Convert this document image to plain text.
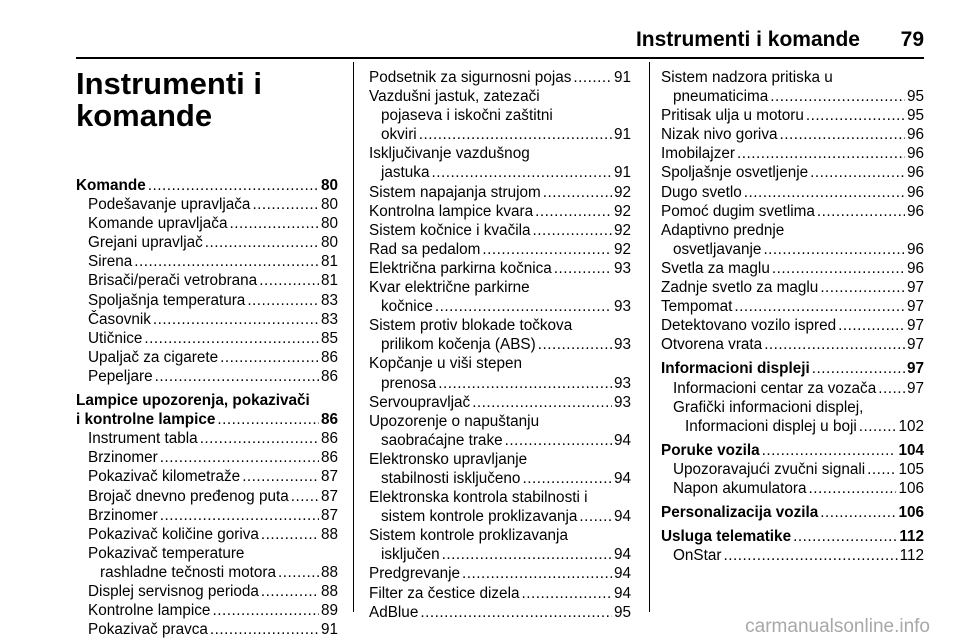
Instrumenti i komande 79
Instrumenti i
komande
Komande .....	80
Podešavanje upravljača .....	80
Komande upravljača .....	80
Grejani upravljač .....	80
Sirena .....	81
Brisači/perači vetrobrana .....	81
Spoljašnja temperatura .....	83
Časovnik .....	83
Utičnice .....	85
Upaljač za cigarete .....	86
Pepeljare .....	86
Lampice upozorenja, pokazivači
i kontrolne lampice .....	86
Instrument tabla .....	86
Brzinomer .....	86
Pokazivač kilometraže .....	87
Brojač dnevno pređenog puta ..... 87
Brzinomer .....	87
Pokazivač količine goriva .....	88
Pokazivač temperature
rashladne tečnosti motora .....	88
Displej servisnog perioda .....	88
Kontrolne lampice .....	89
Pokazivač pravca .....	91
Podsetnik za sigurnosni pojas .....	91
Vazdušni jastuk, zatezači
pojaseva i iskočni zaštitni
okviri .....	91
Isključivanje vazdušnog
jastuka .....	91
Sistem napajanja strujom .....	92
Kontrolna lampice kvara .....	92
Sistem kočnice i kvačila .....	92
Rad sa pedalom .....	92
Električna parkirna kočnica .....	93
Kvar električne parkirne
kočnice .....	93
Sistem protiv blokade točkova
prilikom kočenja (ABS) .....	93
Kopčanje u viši stepen
prenosa .....	93
Servoupravljač .....	93
Upozorenje o napuštanju
saobraćajne trake .....	94
Elektronsko upravljanje
stabilnosti isključeno .....	94
Elektronska kontrola stabilnosti i
sistem kontrole proklizavanja ..... 94
Sistem kontrole proklizavanja
isključen .....	94
Predgrevanje .....	94
Filter za čestice dizela .....	94
AdBlue .....	95
Sistem nadzora pritiska u
pneumaticima .....	95
Pritisak ulja u motoru .....	95
Nizak nivo goriva .....	96
Imobilajzer .....	96
Spoljašnje osvetljenje .....	96
Dugo svetlo .....	96
Pomoć dugim svetlima .....	96
Adaptivno prednje
osvetljavanje .....	96
Svetla za maglu .....	96
Zadnje svetlo za maglu .....	97
Tempomat .....	97
Detektovano vozilo ispred .....	97
Otvorena vrata .....	97
Informacioni displeji .....	97
Informacioni centar za vozača ..... 97
Grafički informacioni displej,
Informacioni displej u boji .....	102
Poruke vozila .....	104
Upozoravajući zvučni signali ..... 105
Napon akumulatora .....	106
Personalizacija vozila .....	106
Usluga telematike .....	112
OnStar .....	112
carmanualsonline.info
